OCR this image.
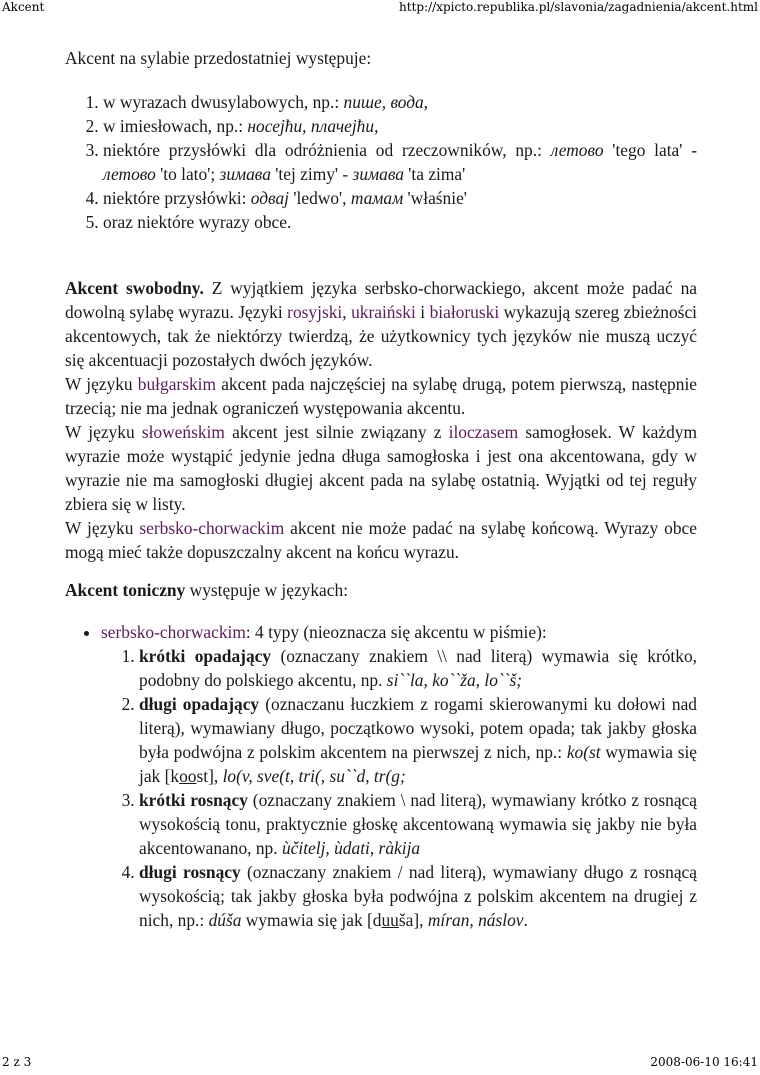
Akcent	http://xpicto.republika.pl/slavonia/zagadnienia/akcent.html

Akcent na sylabie przedostatniej występuje:

1. w wyrazach dwusylabowych, np.: пише, вода,
2. w imiesłowach, np.: носејћи, плачејћи,
3. niektóre przysłówki dla odróżnienia od rzeczowników, np.: летово 'tego lata' - летово 'to lato'; зимава 'tej zimy' - зимава 'ta zima'
4. niektóre przysłówki: одвај 'ledwo', тамам 'właśnie'
5. oraz niektóre wyrazy obce.

Akcent swobodny. Z wyjątkiem języka serbsko-chorwackiego, akcent może padać na dowolną sylabę wyrazu. Języki rosyjski, ukraiński i białoruski wykazują szereg zbieżności akcentowych, tak że niektórzy twierdzą, że użytkownicy tych języków nie muszą uczyć się akcentuacji pozostałych dwóch języków.

W języku bułgarskim akcent pada najczęściej na sylabę drugą, potem pierwszą, następnie trzecią; nie ma jednak ograniczeń występowania akcentu.

W języku słoweńskim akcent jest silnie związany z iloczasem samogłosek. W każdym wyrazie może wystąpić jedynie jedna długa samogłoska i jest ona akcentowana, gdy w wyrazie nie ma samogłoski długiej akcent pada na sylabę ostatnią. Wyjątki od tej reguły zbiera się w listy.

W języku serbsko-chorwackim akcent nie może padać na sylabę końcową. Wyrazy obce mogą mieć także dopuszczalny akcent na końcu wyrazu.

Akcent toniczny występuje w językach:

• serbsko-chorwackim: 4 typy (nieoznacza się akcentu w piśmie):
1. krótki opadający (oznaczany znakiem \\ nad literą) wymawia się krótko, podobny do polskiego akcentu, np. si``la, ko``ža, lo``š;
2. długi opadający (oznaczanu łuczkiem z rogami skierowanymi ku dołowi nad literą), wymawiany długo, początkowo wysoki, potem opada; tak jakby głoska była podwójna z polskim akcentem na pierwszej z nich, np.: ko(st wymawia się jak [koost], lo(v, sve(t, tri(, su``d, tr(g;
3. krótki rosnący (oznaczany znakiem \ nad literą), wymawiany krótko z rosnącą wysokością tonu, praktycznie głoskę akcentowaną wymawia się jakby nie była akcentowanano, np. ùčitelj, ùdati, ràkija
4. długi rosnący (oznaczany znakiem / nad literą), wymawiany długo z rosnącą wysokością; tak jakby głoska była podwójna z polskim akcentem na drugiej z nich, np.: dúša wymawia się jak [duuša], míran, náslov.
2 z 3	2008-06-10 16:41
